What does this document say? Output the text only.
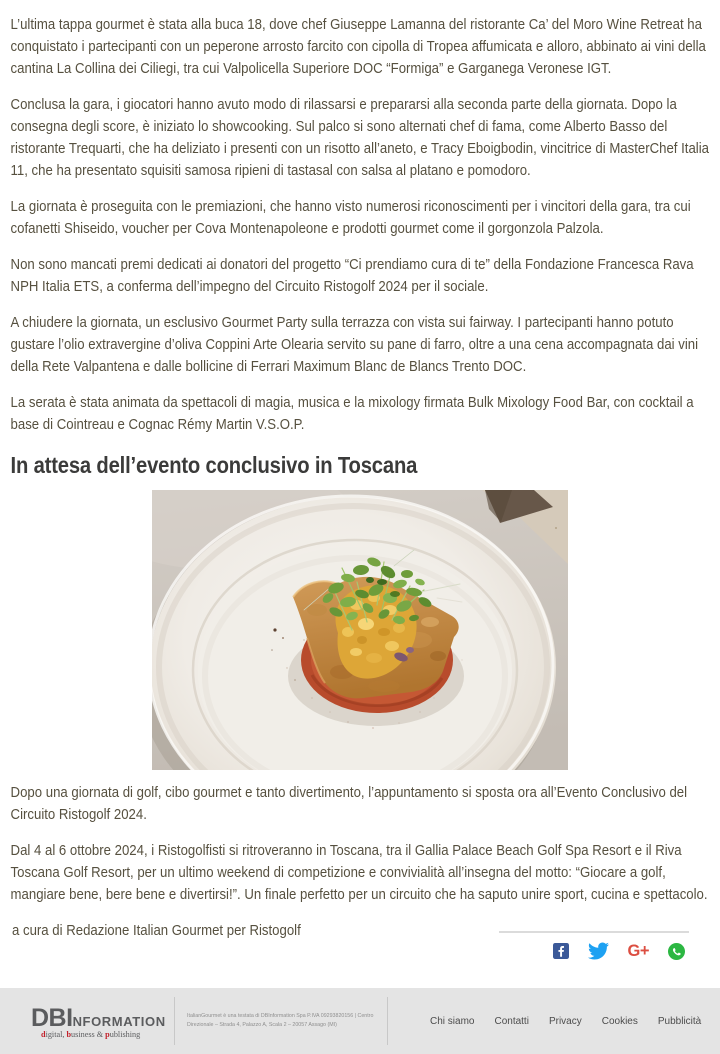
L’ultima tappa gourmet è stata alla buca 18, dove chef Giuseppe Lamanna del ristorante Ca’ del Moro Wine Retreat ha conquistato i partecipanti con un peperone arrosto farcito con cipolla di Tropea affumicata e alloro, abbinato ai vini della cantina La Collina dei Ciliegi, tra cui Valpolicella Superiore DOC “Formiga” e Garganega Veronese IGT.

Conclusa la gara, i giocatori hanno avuto modo di rilassarsi e prepararsi alla seconda parte della giornata. Dopo la consegna degli score, è iniziato lo showcooking. Sul palco si sono alternati chef di fama, come Alberto Basso del ristorante Trequarti, che ha deliziato i presenti con un risotto all’aneto, e Tracy Eboigbodin, vincitrice di MasterChef Italia 11, che ha presentato squisiti samosa ripieni di tastasal con salsa al platano e pomodoro.

La giornata è proseguita con le premiazioni, che hanno visto numerosi riconoscimenti per i vincitori della gara, tra cui cofanetti Shiseido, voucher per Cova Montenapoleone e prodotti gourmet come il gorgonzola Palzola.

Non sono mancati premi dedicati ai donatori del progetto “Ci prendiamo cura di te” della Fondazione Francesca Rava NPH Italia ETS, a conferma dell’impegno del Circuito Ristogolf 2024 per il sociale.

A chiudere la giornata, un esclusivo Gourmet Party sulla terrazza con vista sui fairway. I partecipanti hanno potuto gustare l’olio extravergine d’oliva Coppini Arte Olearia servito su pane di farro, oltre a una cena accompagnata dai vini della Rete Valpantena e dalle bollicine di Ferrari Maximum Blanc de Blancs Trento DOC.

La serata è stata animata da spettacoli di magia, musica e la mixology firmata Bulk Mixology Food Bar, con cocktail a base di Cointreau e Cognac Rémy Martin V.S.O.P.

In attesa dell’evento conclusivo in Toscana

Dopo una giornata di golf, cibo gourmet e tanto divertimento, l’appuntamento si sposta ora all’Evento Conclusivo del Circuito Ristogolf 2024.

Dal 4 al 6 ottobre 2024, i Ristogolfisti si ritroveranno in Toscana, tra il Gallia Palace Beach Golf Spa Resort e il Riva Toscana Golf Resort, per un ultimo weekend di competizione e convivialità all’insegna del motto: “Giocare a golf, mangiare bene, bere bene e divertirsi!”. Un finale perfetto per un circuito che ha saputo unire sport, cucina e spettacolo.

a cura di Redazione Italian Gourmet per Ristogolf
G+
DBI NFORMATION
digital, business & publishing
ItalianGourmet è una testata di DBInformation Spa P.IVA 09293820156 | Centro
Direzionale – Strada 4, Palazzo A, Scala 2 – 20057 Assago (MI)	Chi siamo Contatti Privacy Cookies Pubblicità
